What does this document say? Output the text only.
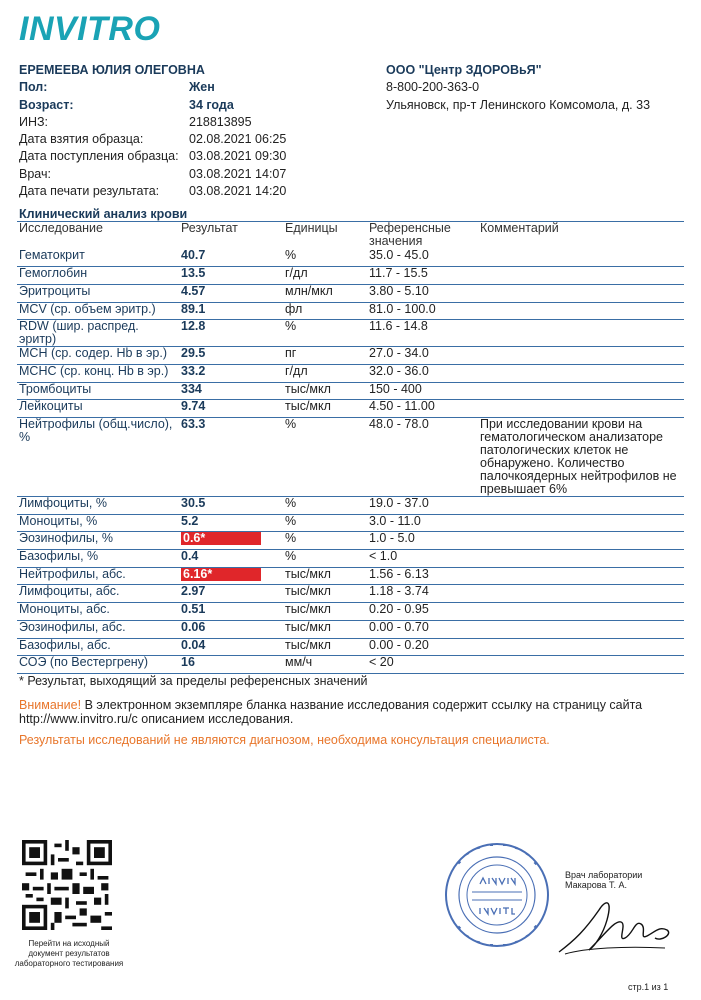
INVITRO
ЕРЕМЕЕВА ЮЛИЯ ОЛЕГОВНА
Пол:	Жен
Возраст:	34 года
ИНЗ:	218813895
Дата взятия образца:	02.08.2021 06:25
Дата поступления образца: 03.08.2021 09:30
Врач:	03.08.2021 14:07
Дата печати результата:	03.08.2021 14:20
ООО "Центр ЗДОРОВьЯ"
8-800-200-363-0
Ульяновск, пр-т Ленинского Комсомола, д. 33
Клинический анализ крови
Исследование	Результат	Единицы	Референсные значения	Комментарий
Гематокрит	40.7	%	35.0 - 45.0	
Гемоглобин	13.5	г/дл	11.7 - 15.5	
Эритроциты	4.57	млн/мкл	3.80 - 5.10	
MCV (ср. объем эритр.)	89.1	фл	81.0 - 100.0	
RDW (шир. распред. эритр)	12.8	%	11.6 - 14.8	
MCH (ср. содер. Hb в эр.)	29.5	пг	27.0 - 34.0	
MCHC (ср. конц. Hb в эр.)	33.2	г/дл	32.0 - 36.0	
Тромбоциты	334	тыс/мкл	150 - 400	
Лейкоциты	9.74	тыс/мкл	4.50 - 11.00	
Нейтрофилы (общ.число), %	63.3	%	48.0 - 78.0	При исследовании крови на гематологическом анализаторе патологических клеток не обнаружено. Количество палочкоядерных нейтрофилов не превышает 6%
Лимфоциты, %	30.5	%	19.0 - 37.0	
Моноциты, %	5.2	%	3.0 - 11.0	
Эозинофилы, %	0.6*	%	1.0 - 5.0	
Базофилы, %	0.4	%	< 1.0	
Нейтрофилы, абс.	6.16*	тыс/мкл	1.56 - 6.13	
Лимфоциты, абс.	2.97	тыс/мкл	1.18 - 3.74	
Моноциты, абс.	0.51	тыс/мкл	0.20 - 0.95	
Эозинофилы, абс.	0.06	тыс/мкл	0.00 - 0.70	
Базофилы, абс.	0.04	тыс/мкл	0.00 - 0.20	
СОЭ (по Вестергрену)	16	мм/ч	< 20	
* Результат, выходящий за пределы референсных значений
Внимание! В электронном экземпляре бланка название исследования содержит ссылку на страницу сайта http://www.invitro.ru/с описанием исследования.
Результаты исследований не являются диагнозом, необходима консультация специалиста.
Перейти на исходный документ результатов лабораторного тестирования
Врач лаборатории
Макарова Т. А.
стр.1 из 1
